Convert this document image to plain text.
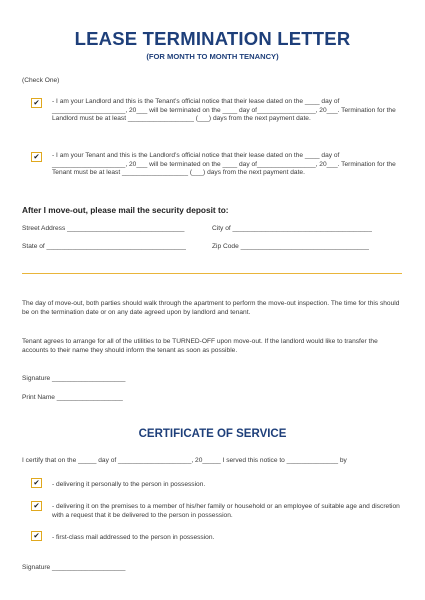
LEASE TERMINATION LETTER
(FOR MONTH TO MONTH TENANCY)
(Check One)
✔ - I am your Landlord and this is the Tenant’s official notice that their lease dated on the ____ day of ____________________, 20___ will be terminated on the ____ day of________________, 20___. Termination for the Landlord must be at least __________________ (___) days from the next payment date.
✔ - I am your Tenant and this is the Landlord’s official notice that their lease dated on the ____ day of ____________________, 20___ will be terminated on the ____ day of________________, 20___. Termination for the Tenant must be at least __________________ (___) days from the next payment date.
After I move-out, please mail the security deposit to:
Street Address ________________________________	City of ______________________________________
State of ______________________________________	Zip Code ___________________________________
The day of move-out, both parties should walk through the apartment to perform the move-out inspection. The time for this should be on the termination date or on any date agreed upon by landlord and tenant.
Tenant agrees to arrange for all of the utilities to be TURNED-OFF upon move-out. If the landlord would like to transfer the accounts to their name they should inform the tenant as soon as possible.
Signature ____________________
Print Name __________________
CERTIFICATE OF SERVICE
I certify that on the _____ day of ____________________, 20_____ I served this notice to ______________ by
✔ - delivering it personally to the person in possession.
✔ - delivering it on the premises to a member of his/her family or household or an employee of suitable age and discretion with a request that it be delivered to the person in possession.
✔ - first-class mail addressed to the person in possession.
Signature ____________________
